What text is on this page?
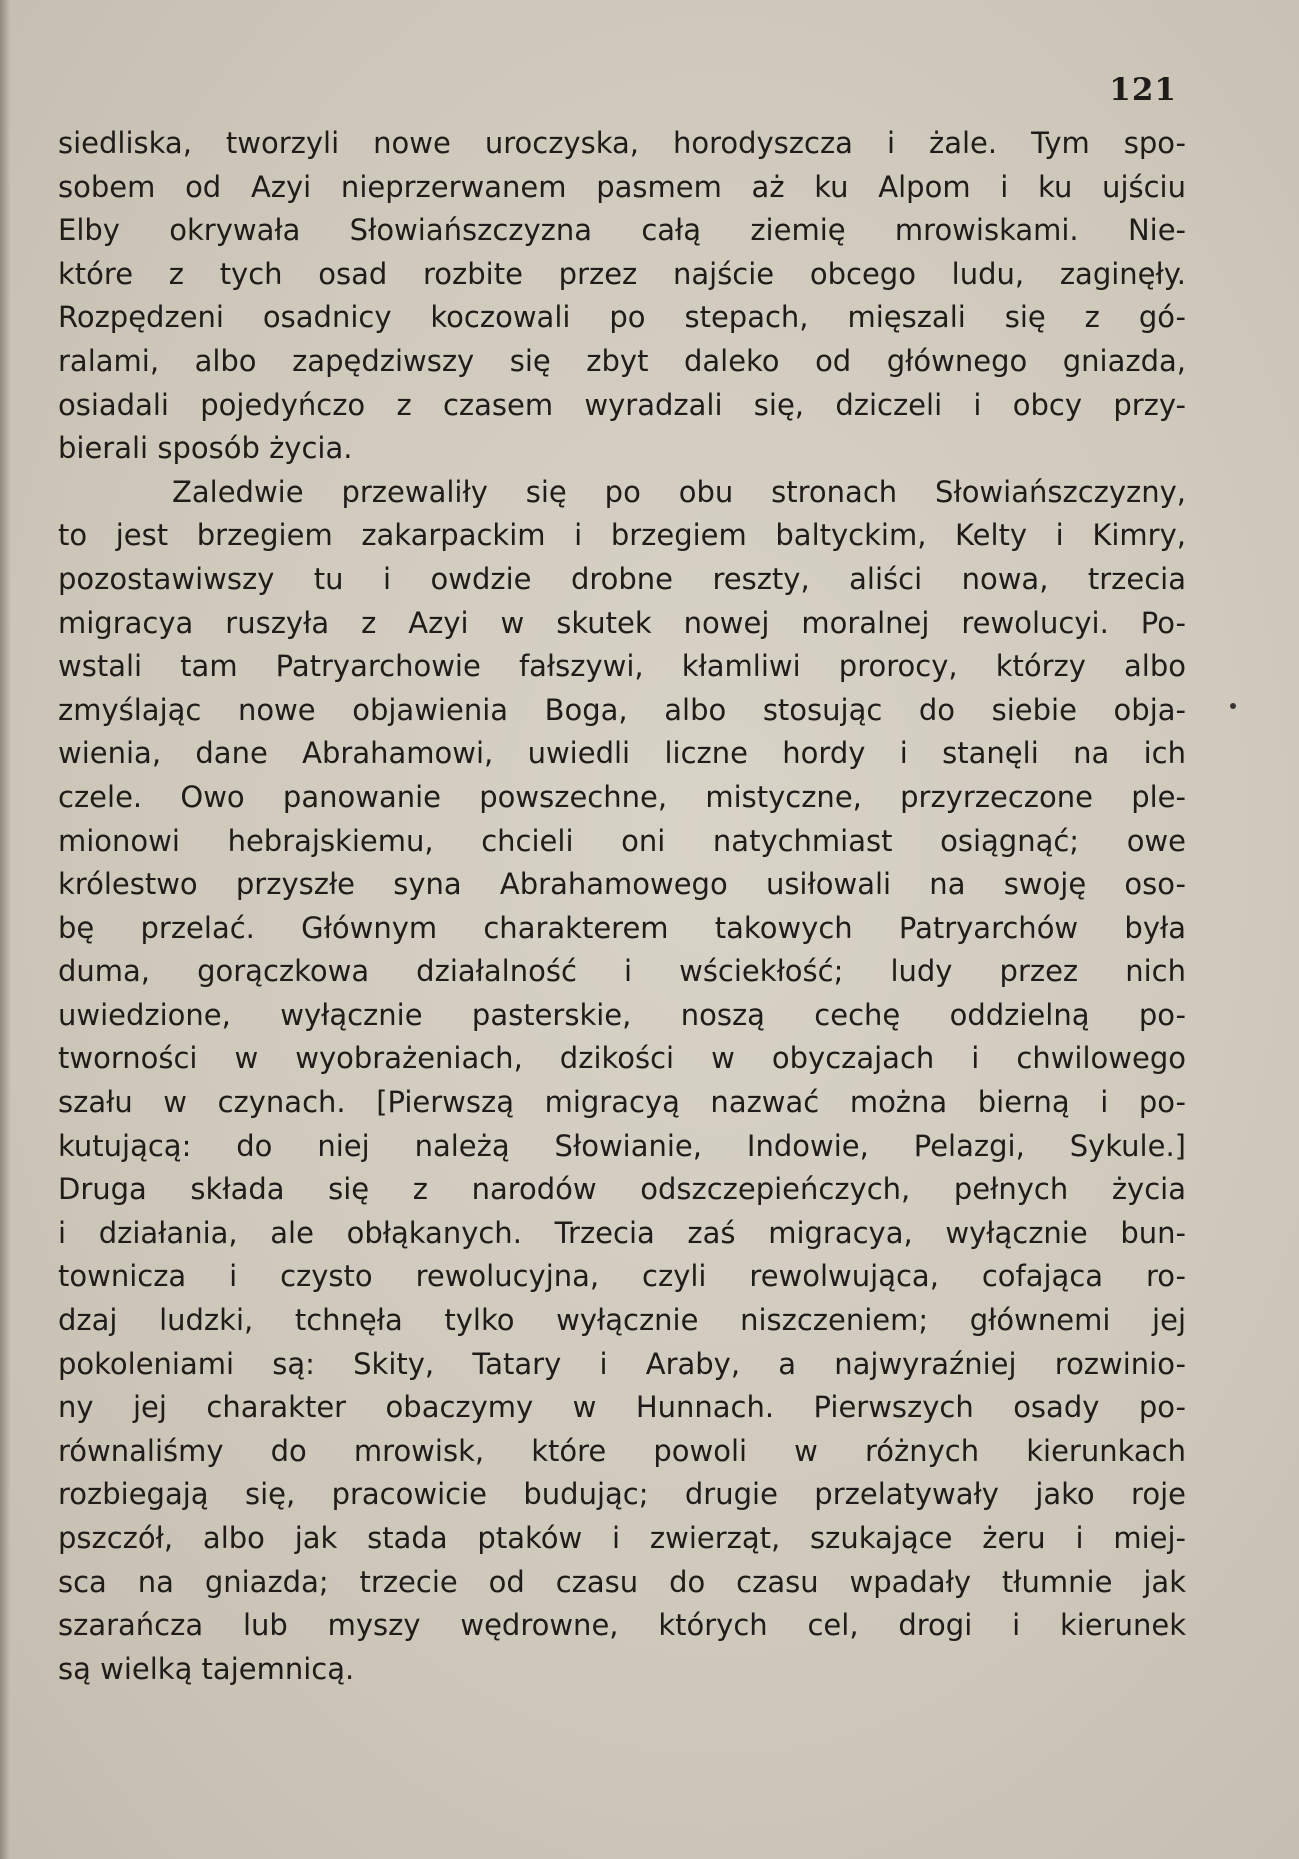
121
siedliska, tworzyli nowe uroczyska, horodyszcza i żale. Tym spo-
sobem od Azyi nieprzerwanem pasmem aż ku Alpom i ku ujściu
Elby okrywała Słowiańszczyzna całą ziemię mrowiskami. Nie-
które z tych osad rozbite przez najście obcego ludu, zaginęły.
Rozpędzeni osadnicy koczowali po stepach, mięszali się z gó-
ralami, albo zapędziwszy się zbyt daleko od głównego gniazda,
osiadali pojedyńczo z czasem wyradzali się, dziczeli i obcy przy-
bierali sposób życia.
Zaledwie przewaliły się po obu stronach Słowiańszczyzny,
to jest brzegiem zakarpackim i brzegiem baltyckim, Kelty i Kimry,
pozostawiwszy tu i owdzie drobne reszty, aliści nowa, trzecia
migracya ruszyła z Azyi w skutek nowej moralnej rewolucyi. Po-
wstali tam Patryarchowie fałszywi, kłamliwi prorocy, którzy albo
zmyślając nowe objawienia Boga, albo stosując do siebie obja-
wienia, dane Abrahamowi, uwiedli liczne hordy i stanęli na ich
czele. Owo panowanie powszechne, mistyczne, przyrzeczone ple-
mionowi hebrajskiemu, chcieli oni natychmiast osiągnąć; owe
królestwo przyszłe syna Abrahamowego usiłowali na swoję oso-
bę przelać. Głównym charakterem takowych Patryarchów była
duma, gorączkowa działalność i wściekłość; ludy przez nich
uwiedzione, wyłącznie pasterskie, noszą cechę oddzielną po-
tworności w wyobrażeniach, dzikości w obyczajach i chwilowego
szału w czynach. [Pierwszą migracyą nazwać można bierną i po-
kutującą: do niej należą Słowianie, Indowie, Pelazgi, Sykule.]
Druga składa się z narodów odszczepieńczych, pełnych życia
i działania, ale obłąkanych. Trzecia zaś migracya, wyłącznie bun-
townicza i czysto rewolucyjna, czyli rewolwująca, cofająca ro-
dzaj ludzki, tchnęła tylko wyłącznie niszczeniem; głównemi jej
pokoleniami są: Skity, Tatary i Araby, a najwyraźniej rozwinio-
ny jej charakter obaczymy w Hunnach. Pierwszych osady po-
równaliśmy do mrowisk, które powoli w różnych kierunkach
rozbiegają się, pracowicie budując; drugie przelatywały jako roje
pszczół, albo jak stada ptaków i zwierząt, szukające żeru i miej-
sca na gniazda; trzecie od czasu do czasu wpadały tłumnie jak
szarańcza lub myszy wędrowne, których cel, drogi i kierunek
są wielką tajemnicą.
